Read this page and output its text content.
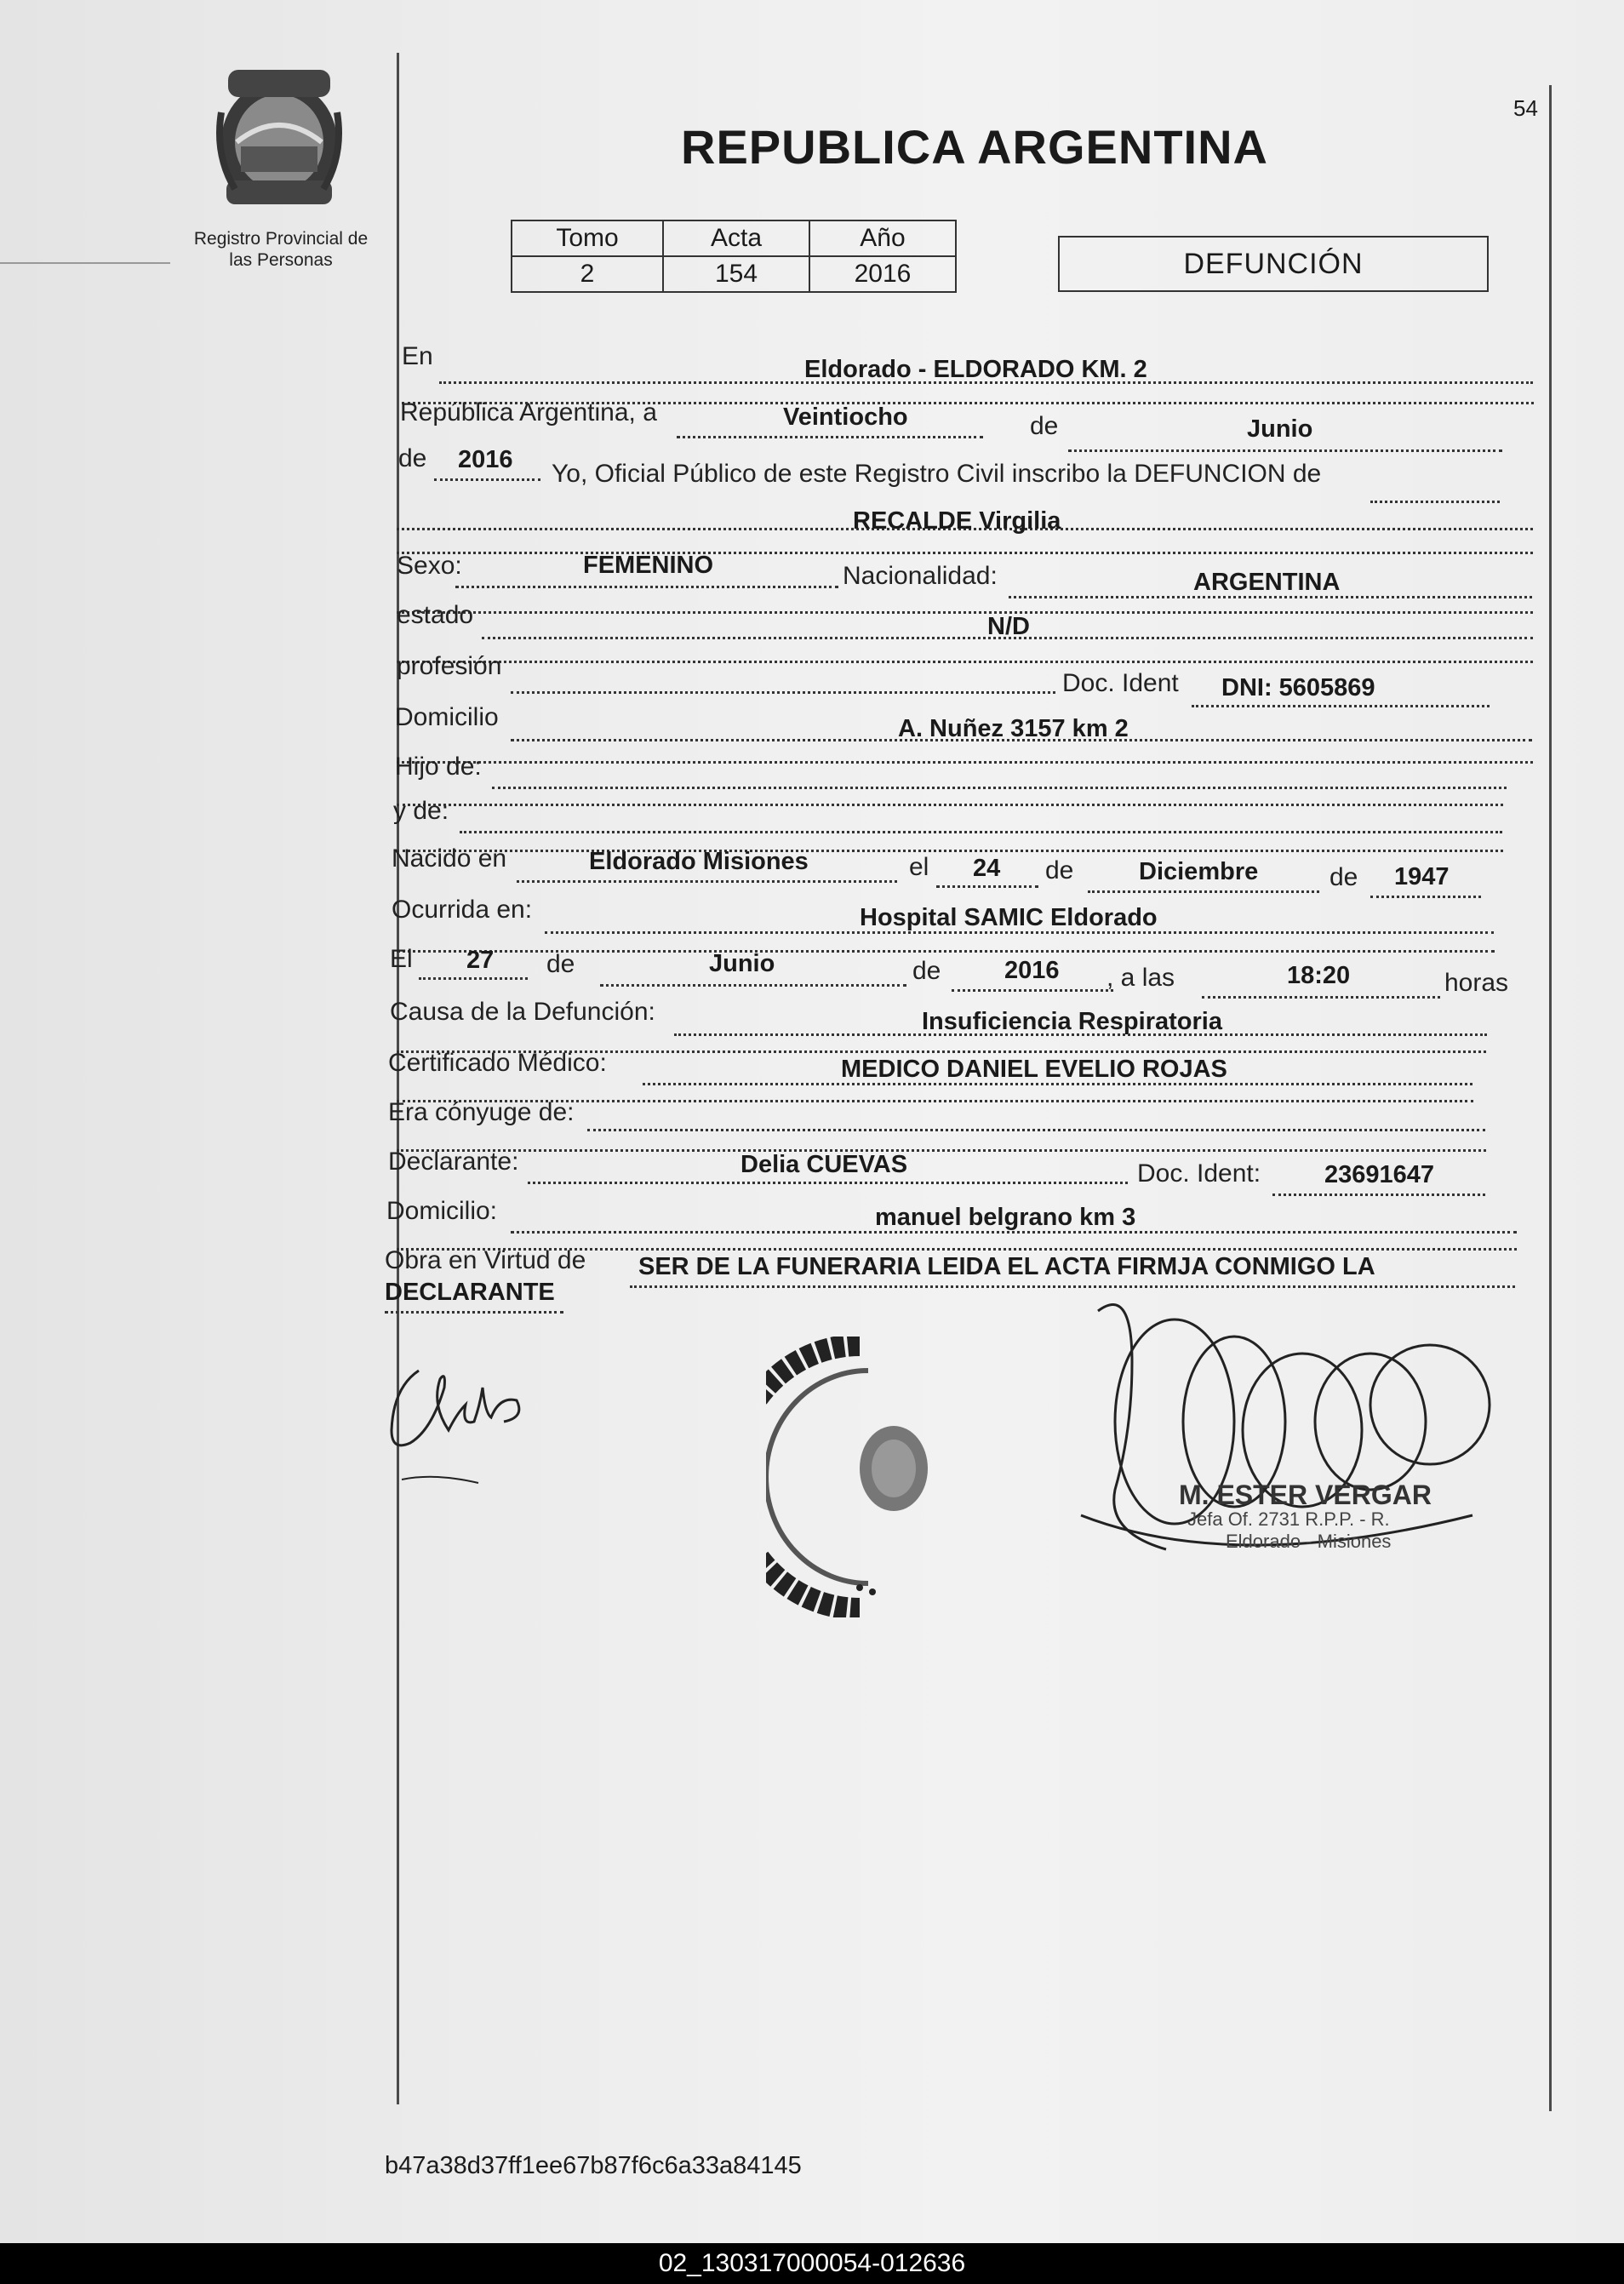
Registro Provincial de
las Personas
54
REPUBLICA ARGENTINA
Tomo	Acta	Año
2	154	2016	DEFUNCIÓN
En	Eldorado - ELDORADO KM. 2
República Argentina, a	Veintiocho	de	Junio
de 2016 Yo, Oficial Público de este Registro Civil inscribo la DEFUNCION de
RECALDE Virgilia
Sexo:	FEMENINO	Nacionalidad:	ARGENTINA
estado	N/D
profesión
Doc. Ident DNI: 5605869
Domicilio	A. Nuñez 3157 km 2
Hijo de:
y de:
Nacido en	Eldorado Misiones	el 24 de	Diciembre	de 1947
Ocurrida en:	Hospital SAMIC Eldorado
El 27 de	Junio	de	2016 , a las	18:20	horas
Causa de la Defunción:	Insuficiencia Respiratoria
Certificado Médico:	MEDICO DANIEL EVELIO ROJAS
Era cónyuge de:
Declarante:	Delia CUEVAS	Doc. Ident:	23691647
Domicilio:	manuel belgrano km 3
Obra en Virtud de SER DE LA FUNERARIA LEIDA EL ACTA FIRMJA CONMIGO LA
DECLARANTE
M. ESTER VERGAR
Jefa Of. 2731 R.P.P. - R.
Eldorado - Misiones
b47a38d37ff1ee67b87f6c6a33a84145
02_130317000054-012636
